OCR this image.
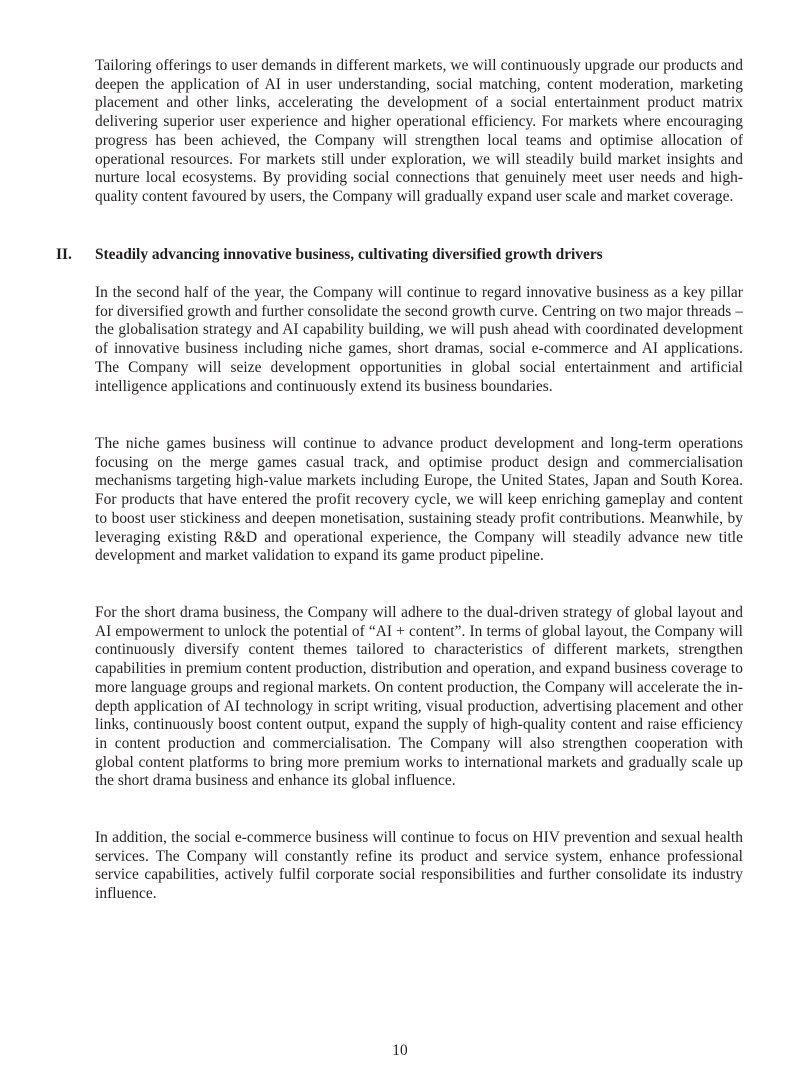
Tailoring offerings to user demands in different markets, we will continuously upgrade our products and deepen the application of AI in user understanding, social matching, content moderation, marketing placement and other links, accelerating the development of a social entertainment product matrix delivering superior user experience and higher operational efficiency. For markets where encouraging progress has been achieved, the Company will strengthen local teams and optimise allocation of operational resources. For markets still under exploration, we will steadily build market insights and nurture local ecosystems. By providing social connections that genuinely meet user needs and high-quality content favoured by users, the Company will gradually expand user scale and market coverage.

II. Steadily advancing innovative business, cultivating diversified growth drivers

In the second half of the year, the Company will continue to regard innovative business as a key pillar for diversified growth and further consolidate the second growth curve. Centring on two major threads – the globalisation strategy and AI capability building, we will push ahead with coordinated development of innovative business including niche games, short dramas, social e-commerce and AI applications. The Company will seize development opportunities in global social entertainment and artificial intelligence applications and continuously extend its business boundaries.

The niche games business will continue to advance product development and long-term operations focusing on the merge games casual track, and optimise product design and commercialisation mechanisms targeting high-value markets including Europe, the United States, Japan and South Korea. For products that have entered the profit recovery cycle, we will keep enriching gameplay and content to boost user stickiness and deepen monetisation, sustaining steady profit contributions. Meanwhile, by leveraging existing R&D and operational experience, the Company will steadily advance new title development and market validation to expand its game product pipeline.

For the short drama business, the Company will adhere to the dual-driven strategy of global layout and AI empowerment to unlock the potential of “AI + content”. In terms of global layout, the Company will continuously diversify content themes tailored to characteristics of different markets, strengthen capabilities in premium content production, distribution and operation, and expand business coverage to more language groups and regional markets. On content production, the Company will accelerate the in-depth application of AI technology in script writing, visual production, advertising placement and other links, continuously boost content output, expand the supply of high-quality content and raise efficiency in content production and commercialisation. The Company will also strengthen cooperation with global content platforms to bring more premium works to international markets and gradually scale up the short drama business and enhance its global influence.

In addition, the social e-commerce business will continue to focus on HIV prevention and sexual health services. The Company will constantly refine its product and service system, enhance professional service capabilities, actively fulfil corporate social responsibilities and further consolidate its industry influence.

10
